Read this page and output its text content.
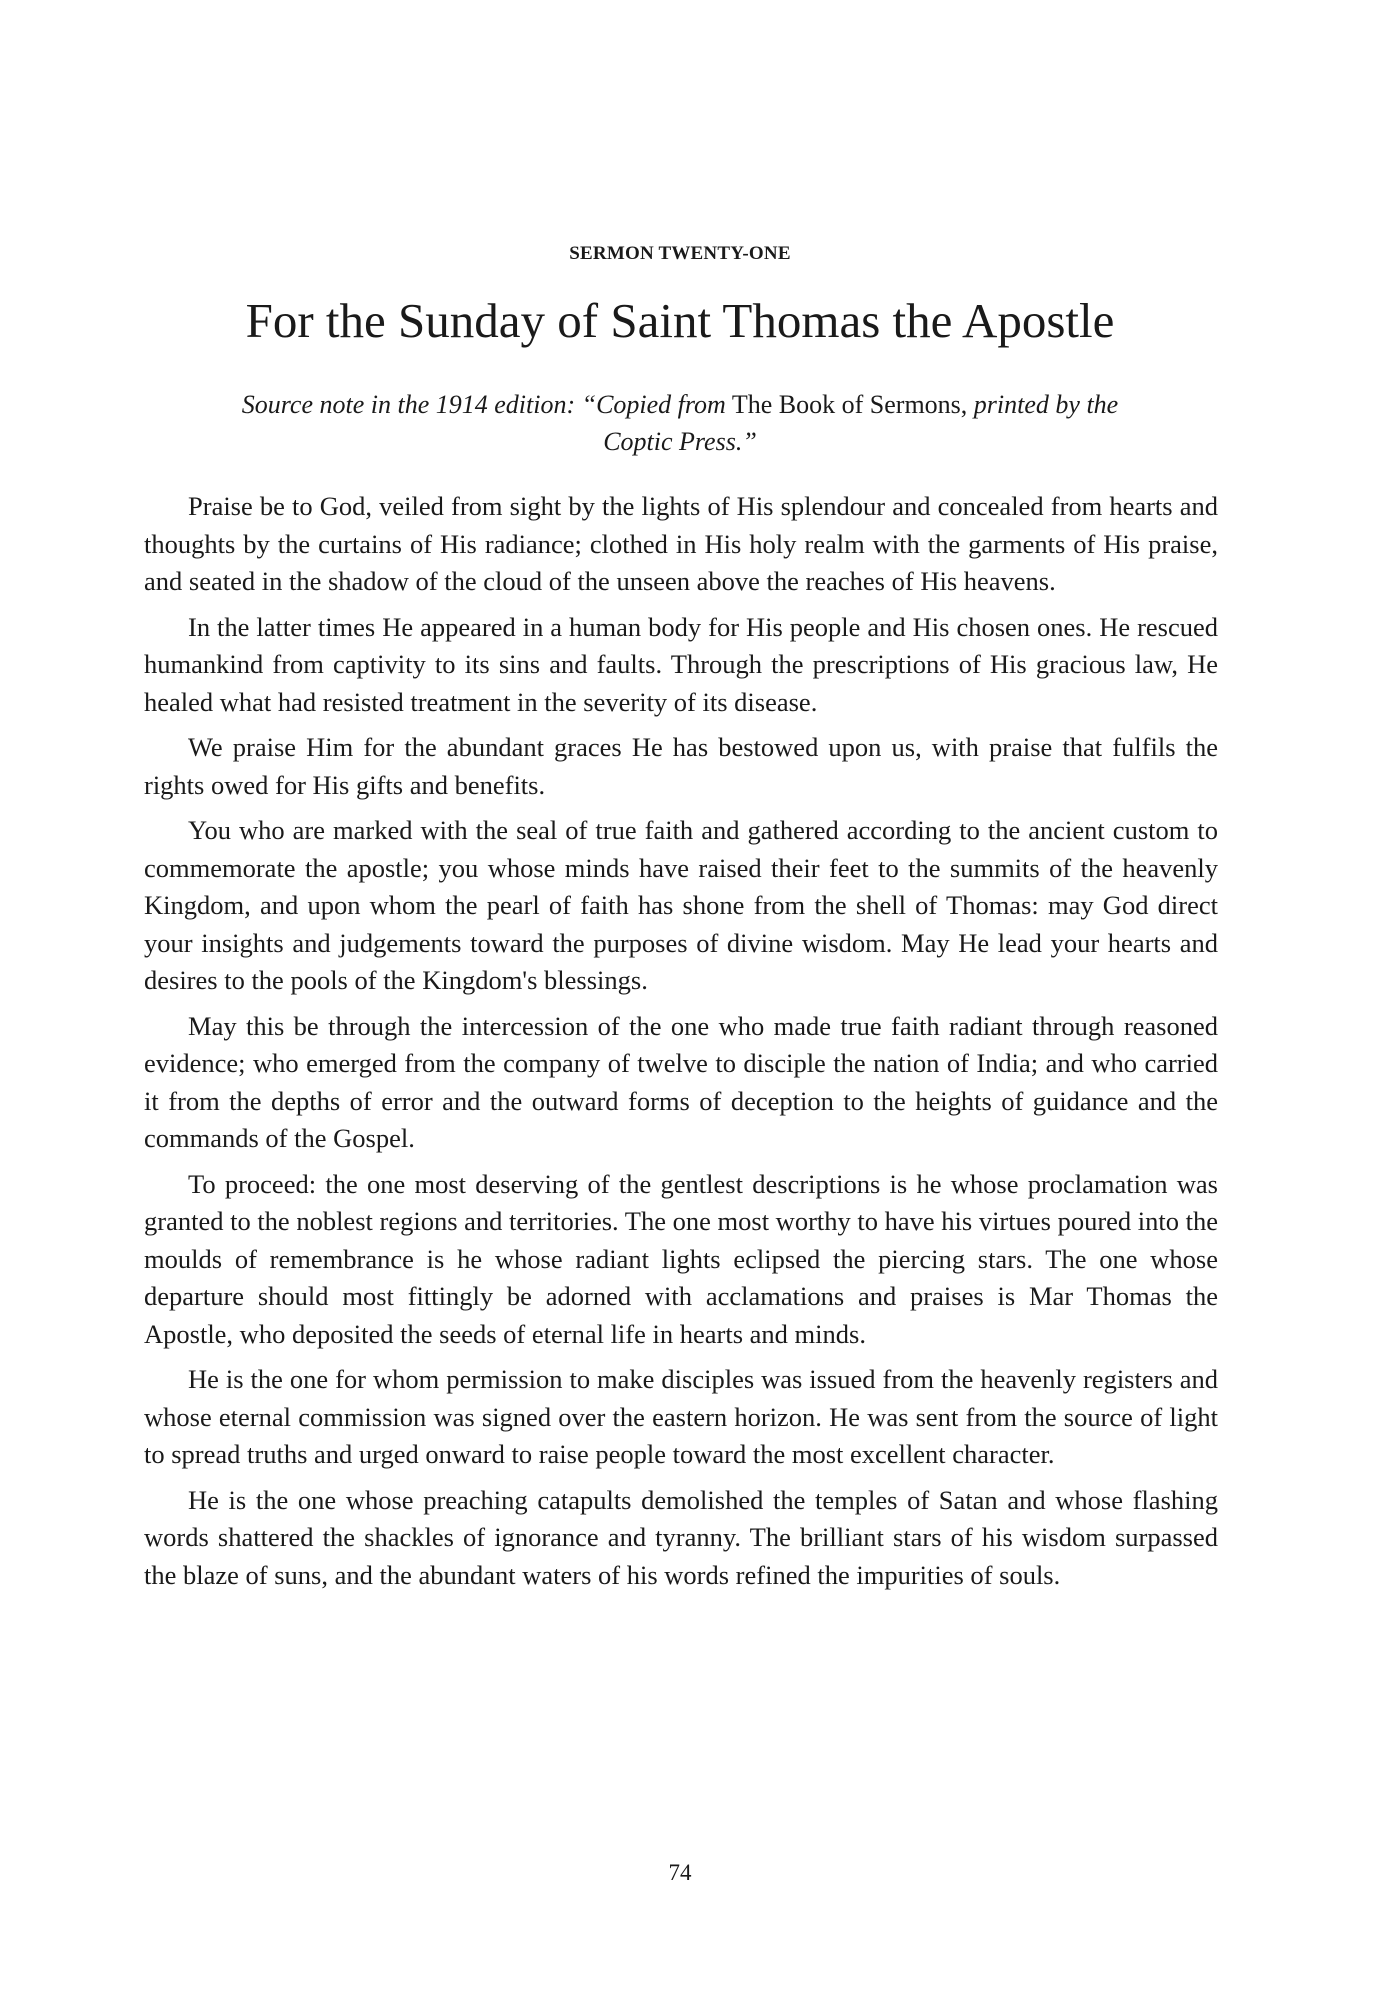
SERMON TWENTY-ONE
For the Sunday of Saint Thomas the Apostle

Source note in the 1914 edition: “Copied from The Book of Sermons, printed by the Coptic Press.”

Praise be to God, veiled from sight by the lights of His splendour and concealed from hearts and thoughts by the curtains of His radiance; clothed in His holy realm with the garments of His praise, and seated in the shadow of the cloud of the unseen above the reaches of His heavens.

In the latter times He appeared in a human body for His people and His chosen ones. He rescued humankind from captivity to its sins and faults. Through the prescriptions of His gracious law, He healed what had resisted treatment in the severity of its disease.

We praise Him for the abundant graces He has bestowed upon us, with praise that fulfils the rights owed for His gifts and benefits.

You who are marked with the seal of true faith and gathered according to the ancient custom to commemorate the apostle; you whose minds have raised their feet to the summits of the heavenly Kingdom, and upon whom the pearl of faith has shone from the shell of Thomas: may God direct your insights and judgements toward the purposes of divine wisdom. May He lead your hearts and desires to the pools of the Kingdom's blessings.

May this be through the intercession of the one who made true faith radiant through reasoned evidence; who emerged from the company of twelve to disciple the nation of India; and who carried it from the depths of error and the outward forms of deception to the heights of guidance and the commands of the Gospel.

To proceed: the one most deserving of the gentlest descriptions is he whose proclamation was granted to the noblest regions and territories. The one most worthy to have his virtues poured into the moulds of remembrance is he whose radiant lights eclipsed the piercing stars. The one whose departure should most fittingly be adorned with acclamations and praises is Mar Thomas the Apostle, who deposited the seeds of eternal life in hearts and minds.

He is the one for whom permission to make disciples was issued from the heavenly registers and whose eternal commission was signed over the eastern horizon. He was sent from the source of light to spread truths and urged onward to raise people toward the most excellent character.

He is the one whose preaching catapults demolished the temples of Satan and whose flashing words shattered the shackles of ignorance and tyranny. The brilliant stars of his wisdom surpassed the blaze of suns, and the abundant waters of his words refined the impurities of souls.

74
